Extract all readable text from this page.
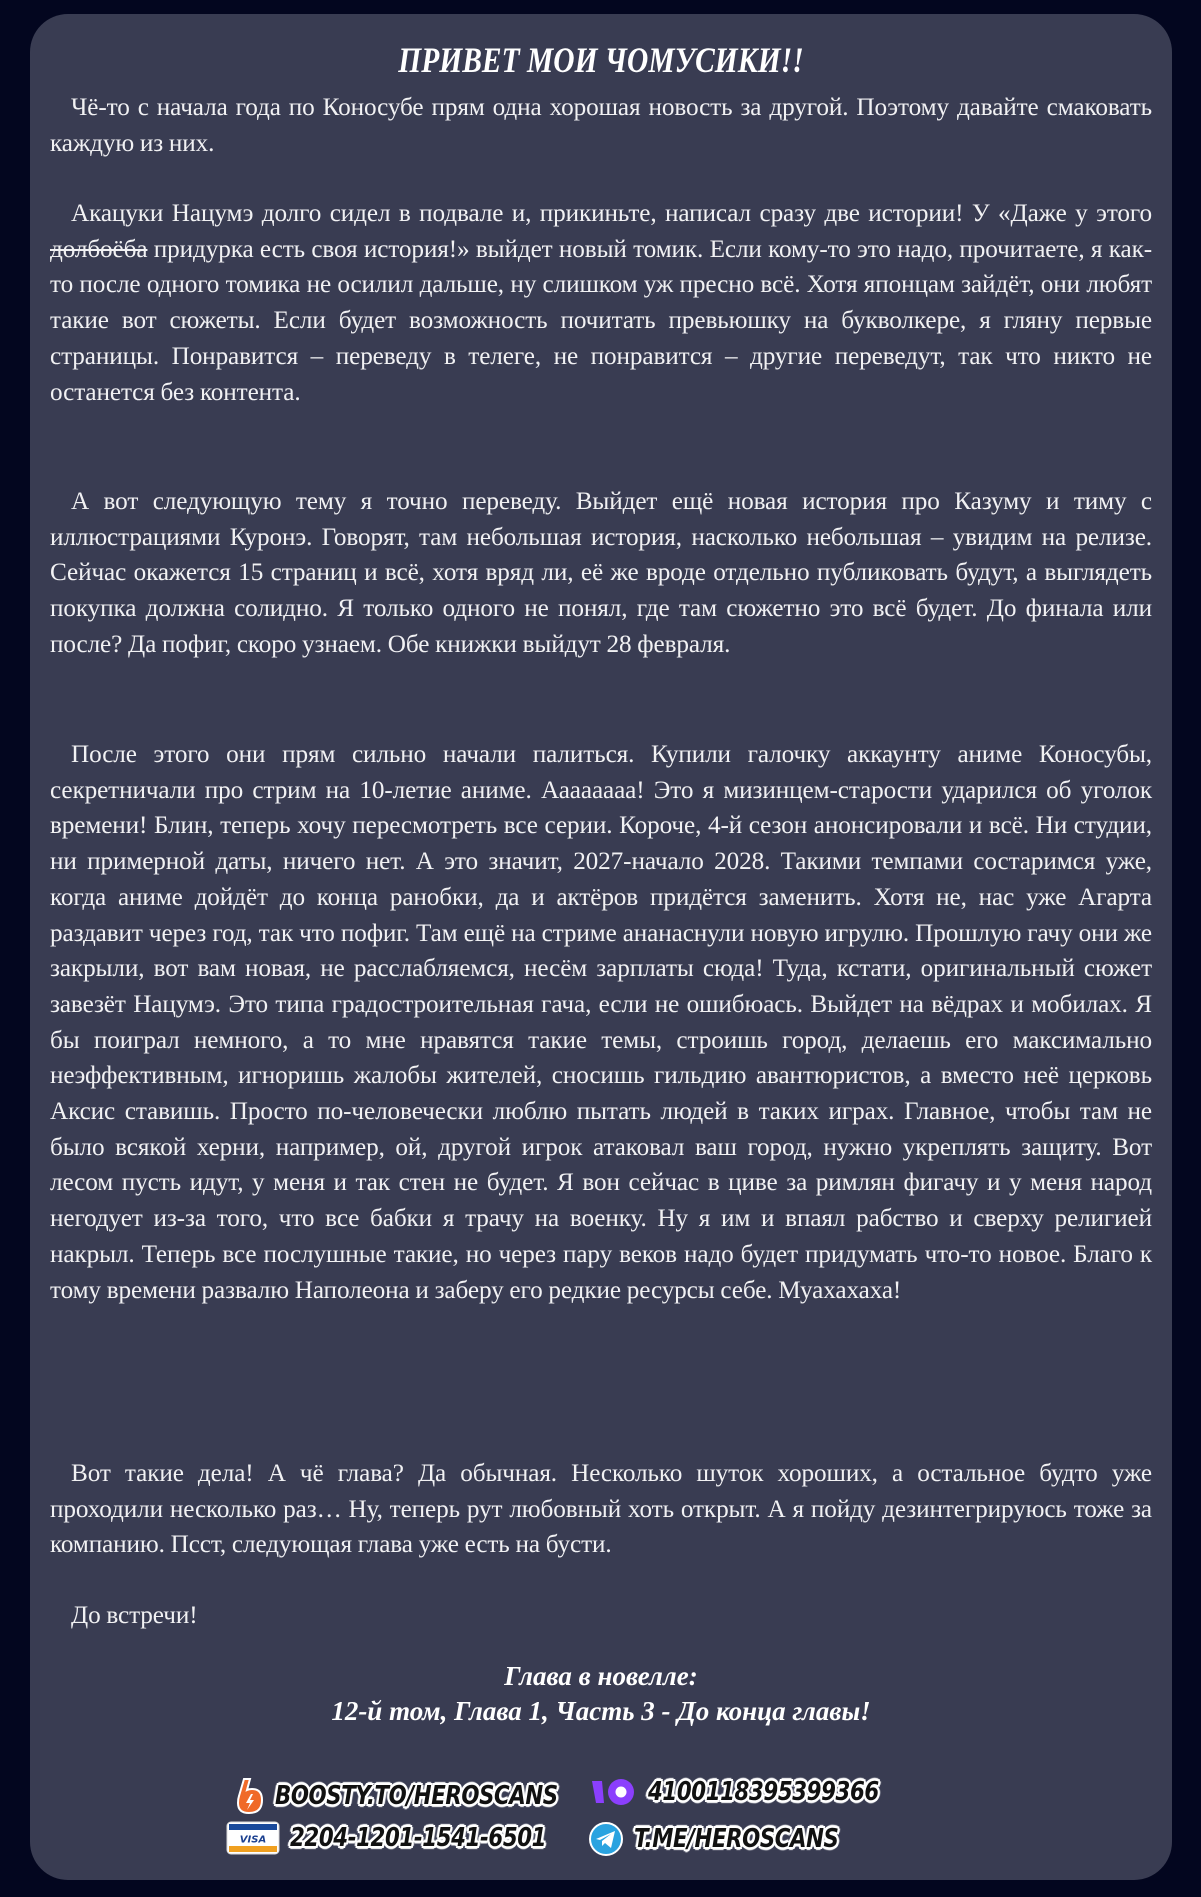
ПРИВЕТ МОИ ЧОМУСИКИ!!
Чё-то с начала года по Коносубе прям одна хорошая новость за другой. Поэтому давайте смаковать каждую из них.
Акацуки Нацумэ долго сидел в подвале и, прикиньте, написал сразу две истории! У «Даже у этого долбоёба придурка есть своя история!» выйдет новый томик. Если кому-то это надо, прочитаете, я как-то после одного томика не осилил дальше, ну слишком уж пресно всё. Хотя японцам зайдёт, они любят такие вот сюжеты. Если будет возможность почитать превьюшку на букволкере, я гляну первые страницы. Понравится – переведу в телеге, не понравится – другие переведут, так что никто не останется без контента.
А вот следующую тему я точно переведу. Выйдет ещё новая история про Казуму и тиму с иллюстрациями Куронэ. Говорят, там небольшая история, насколько небольшая – увидим на релизе. Сейчас окажется 15 страниц и всё, хотя вряд ли, её же вроде отдельно публиковать будут, а выглядеть покупка должна солидно. Я только одного не понял, где там сюжетно это всё будет. До финала или после? Да пофиг, скоро узнаем. Обе книжки выйдут 28 февраля.
После этого они прям сильно начали палиться. Купили галочку аккаунту аниме Коносубы, секретничали про стрим на 10-летие аниме. Ааааааaа! Это я мизинцем-старости ударился об уголок времени! Блин, теперь хочу пересмотреть все серии. Короче, 4-й сезон анонсировали и всё. Ни студии, ни примерной даты, ничего нет. А это значит, 2027-начало 2028. Такими темпами состаримся уже, когда аниме дойдёт до конца ранобки, да и актёров придётся заменить. Хотя не, нас уже Агарта раздавит через год, так что пофиг. Там ещё на стриме ананаснули новую игрулю. Прошлую гачу они же закрыли, вот вам новая, не расслабляемся, несём зарплаты сюда! Туда, кстати, оригинальный сюжет завезёт Нацумэ. Это типа градостроительная гача, если не ошибюась. Выйдет на вёдрах и мобилах. Я бы поиграл немного, а то мне нравятся такие темы, строишь город, делаешь его максимально неэффективным, игноришь жалобы жителей, сносишь гильдию авантюристов, а вместо неё церковь Аксис ставишь. Просто по-человечески люблю пытать людей в таких играх. Главное, чтобы там не было всякой херни, например, ой, другой игрок атаковал ваш город, нужно укреплять защиту. Вот лесом пусть идут, у меня и так стен не будет. Я вон сейчас в циве за римлян фигачу и у меня народ негодует из-за того, что все бабки я трачу на военку. Ну я им и впаял рабство и сверху религией накрыл. Теперь все послушные такие, но через пару веков надо будет придумать что-то новое. Благо к тому времени развалю Наполеона и заберу его редкие ресурсы себе. Муахахаха!
Вот такие дела! А чё глава? Да обычная. Несколько шуток хороших, а остальное будто уже проходили несколько раз… Ну, теперь рут любовный хоть открыт. А я пойду дезинтегрируюсь тоже за компанию. Псст, следующая глава уже есть на бусти.
До встречи!
Глава в новелле:
12-й том, Глава 1, Часть 3 - До конца главы!
BOOSTY.TO/HEROSCANS	4100118395399366
VISA 2204-1201-1541-6501	T.ME/HEROSCANS
